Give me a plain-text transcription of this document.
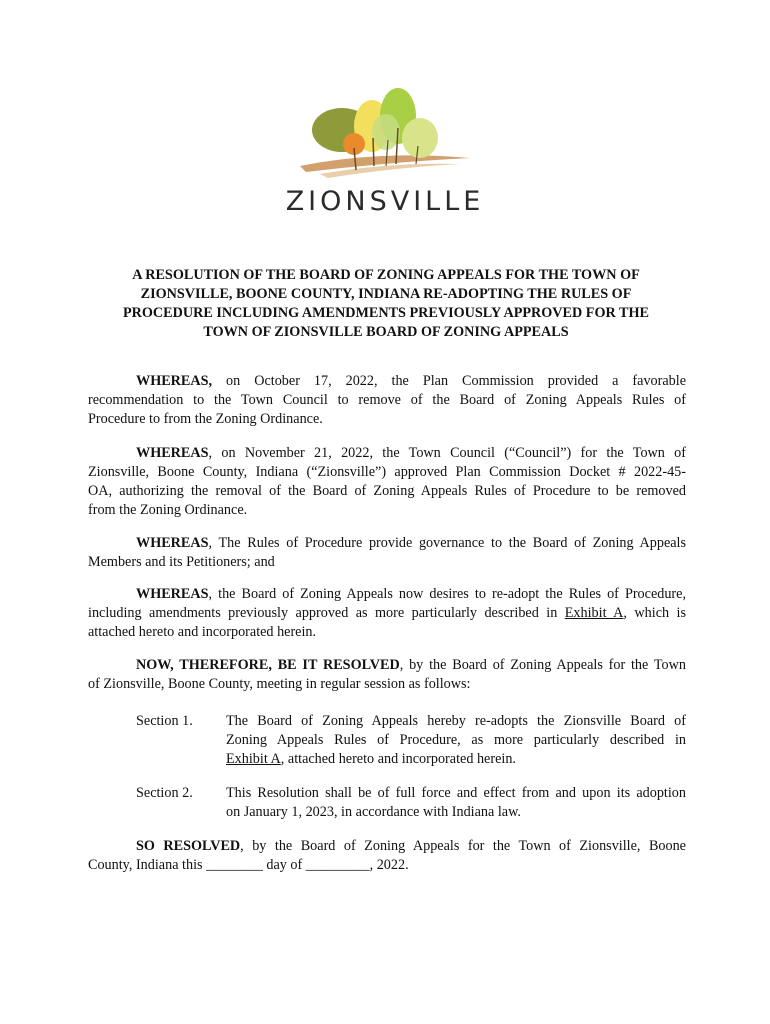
ZIONSVILLE
A RESOLUTION OF THE BOARD OF ZONING APPEALS FOR THE TOWN OF
ZIONSVILLE, BOONE COUNTY, INDIANA RE-ADOPTING THE RULES OF
PROCEDURE INCLUDING AMENDMENTS PREVIOUSLY APPROVED FOR THE
TOWN OF ZIONSVILLE BOARD OF ZONING APPEALS
WHEREAS, on October 17, 2022, the Plan Commission provided a favorable
recommendation to the Town Council to remove of the Board of Zoning Appeals Rules of
Procedure to from the Zoning Ordinance.
WHEREAS, on November 21, 2022, the Town Council (“Council”) for the Town of
Zionsville, Boone County, Indiana (“Zionsville”) approved Plan Commission Docket # 2022-45-
OA, authorizing the removal of the Board of Zoning Appeals Rules of Procedure to be removed
from the Zoning Ordinance.
WHEREAS, The Rules of Procedure provide governance to the Board of Zoning Appeals
Members and its Petitioners; and
WHEREAS, the Board of Zoning Appeals now desires to re-adopt the Rules of Procedure,
including amendments previously approved as more particularly described in Exhibit A, which is
attached hereto and incorporated herein.
NOW, THEREFORE, BE IT RESOLVED, by the Board of Zoning Appeals for the Town
of Zionsville, Boone County, meeting in regular session as follows:
Section 1. The Board of Zoning Appeals hereby re-adopts the Zionsville Board of
Zoning Appeals Rules of Procedure, as more particularly described in
Exhibit A, attached hereto and incorporated herein.
Section 2. This Resolution shall be of full force and effect from and upon its adoption
on January 1, 2023, in accordance with Indiana law.
SO RESOLVED, by the Board of Zoning Appeals for the Town of Zionsville, Boone
County, Indiana this ________ day of _________, 2022.
